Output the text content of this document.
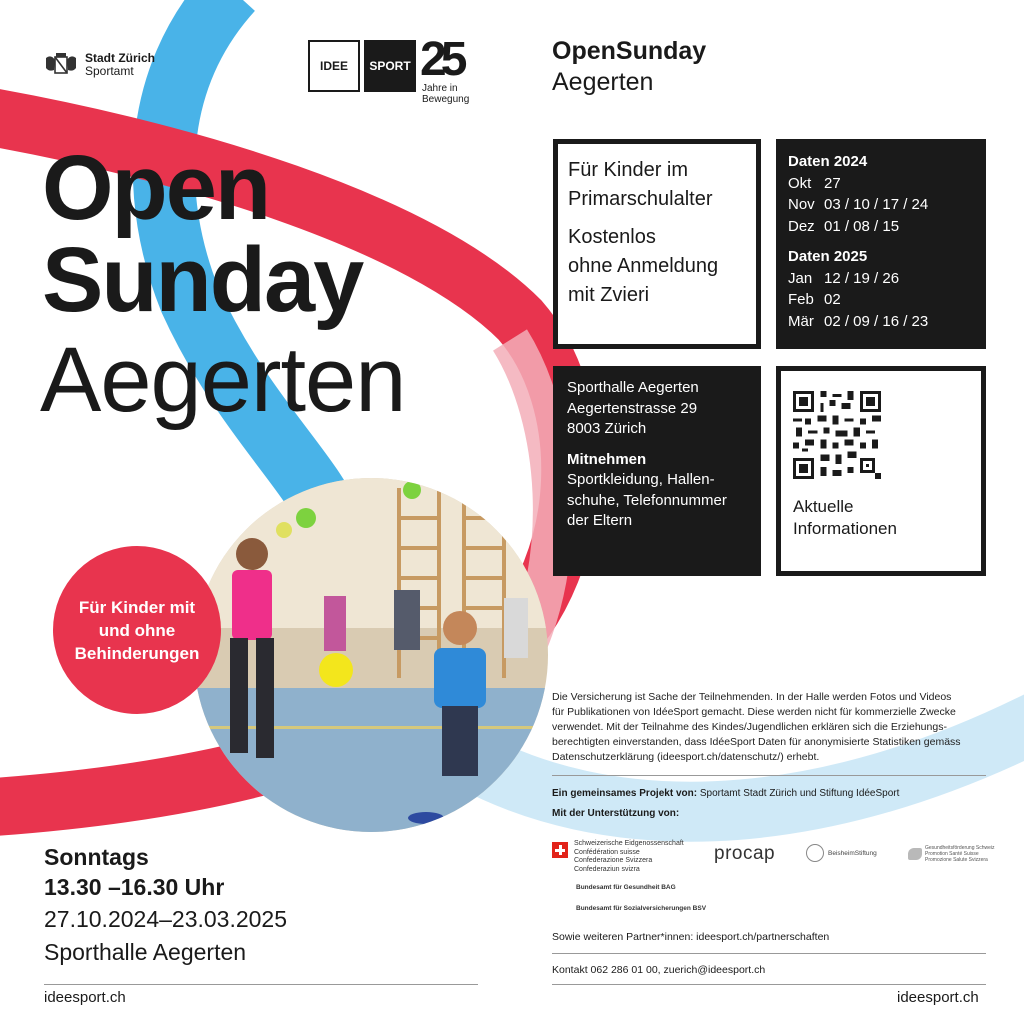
Stadt Zürich
Sportamt	IDEE	SPORT 25
Jahre in
Bewegung
Open
Sunday
Aegerten
OpenSunday
Aegerten

Für Kinder im
Primarschulalter

Kostenlos
ohne Anmeldung
mit Zvieri

Daten 2024
Okt 27
Nov 03 / 10 / 17 / 24
Dez 01 / 08 / 15
Daten 2025
Jan 12 / 19 / 26
Feb 02
Mär 02 / 09 / 16 / 23
Sporthalle Aegerten
Aegertenstrasse 29
8003 Zürich
Mitnehmen
Sportkleidung, Hallen-
schuhe, Telefonnummer
der Eltern
Aktuelle
Informationen
Für Kinder mit
und ohne
Behinderungen
Sonntags
13.30 –16.30 Uhr
27.10.2024–23.03.2025
Sporthalle Aegerten
ideesport.ch
Die Versicherung ist Sache der Teilnehmenden. In der Halle werden Fotos und Videos
für Publikationen von IdéeSport gemacht. Diese werden nicht für kommerzielle Zwecke
verwendet. Mit der Teilnahme des Kindes/Jugendlichen erklären sich die Erziehungs-
berechtigten einverstanden, dass IdéeSport Daten für anonymisierte Statistiken gemäss
Datenschutzerklärung (ideesport.ch/datenschutz/) erhebt.
Ein gemeinsames Projekt von: Sportamt Stadt Zürich und Stiftung IdéeSport
Mit der Unterstützung von:
Schweizerische Eidgenossenschaft
Confédération suisse
Confederazione Svizzera
Confederaziun svizra
Bundesamt für Gesundheit BAG
Bundesamt für Sozialversicherungen BSV
procap	BeisheimStiftung
Gesundheitsförderung Schweiz
Promotion Santé Suisse
Promozione Salute Svizzera
Sowie weiteren Partner*innen: ideesport.ch/partnerschaften
Kontakt 062 286 01 00, zuerich@ideesport.ch
ideesport.ch
